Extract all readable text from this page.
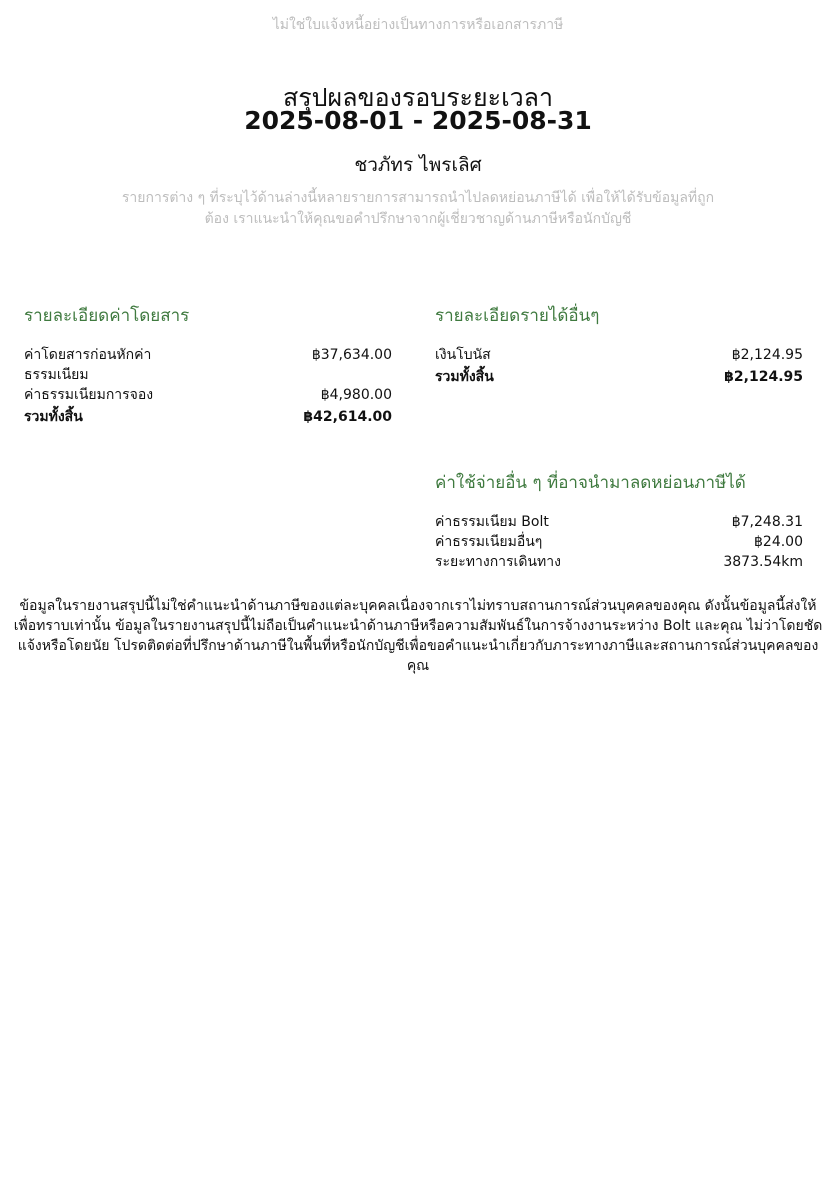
ไม่ใช่ใบแจ้งหนี้อย่างเป็นทางการหรือเอกสารภาษี
สรุปผลของรอบระยะเวลา
2025-08-01 - 2025-08-31
ชวภัทร ไพรเลิศ
รายการต่าง ๆ ที่ระบุไว้ด้านล่างนี้หลายรายการสามารถนำไปลดหย่อนภาษีได้ เพื่อให้ได้รับข้อมูลที่ถูกต้อง เราแนะนำให้คุณขอคำปรึกษาจากผู้เชี่ยวชาญด้านภาษีหรือนักบัญชี
รายละเอียดค่าโดยสาร
ค่าโดยสารก่อนหักค่าธรรมเนียม
฿37,634.00
ค่าธรรมเนียมการจอง	฿4,980.00
รวมทั้งสิ้น	฿42,614.00
รายละเอียดรายได้อื่นๆ
เงินโบนัส	฿2,124.95
รวมทั้งสิ้น	฿2,124.95
ค่าใช้จ่ายอื่น ๆ ที่อาจนำมาลดหย่อนภาษีได้
ค่าธรรมเนียม Bolt	฿7,248.31
ค่าธรรมเนียมอื่นๆ	฿24.00
ระยะทางการเดินทาง	3873.54km
ข้อมูลในรายงานสรุปนี้ไม่ใช่คำแนะนำด้านภาษีของแต่ละบุคคลเนื่องจากเราไม่ทราบสถานการณ์ส่วนบุคคลของคุณ ดังนั้นข้อมูลนี้ส่งให้เพื่อทราบเท่านั้น ข้อมูลในรายงานสรุปนี้ไม่ถือเป็นคำแนะนำด้านภาษีหรือความสัมพันธ์ในการจ้างงานระหว่าง Bolt และคุณ ไม่ว่าโดยชัดแจ้งหรือโดยนัย โปรดติดต่อที่ปรึกษาด้านภาษีในพื้นที่หรือนักบัญชีเพื่อขอคำแนะนำเกี่ยวกับภาระทางภาษีและสถานการณ์ส่วนบุคคลของคุณ
